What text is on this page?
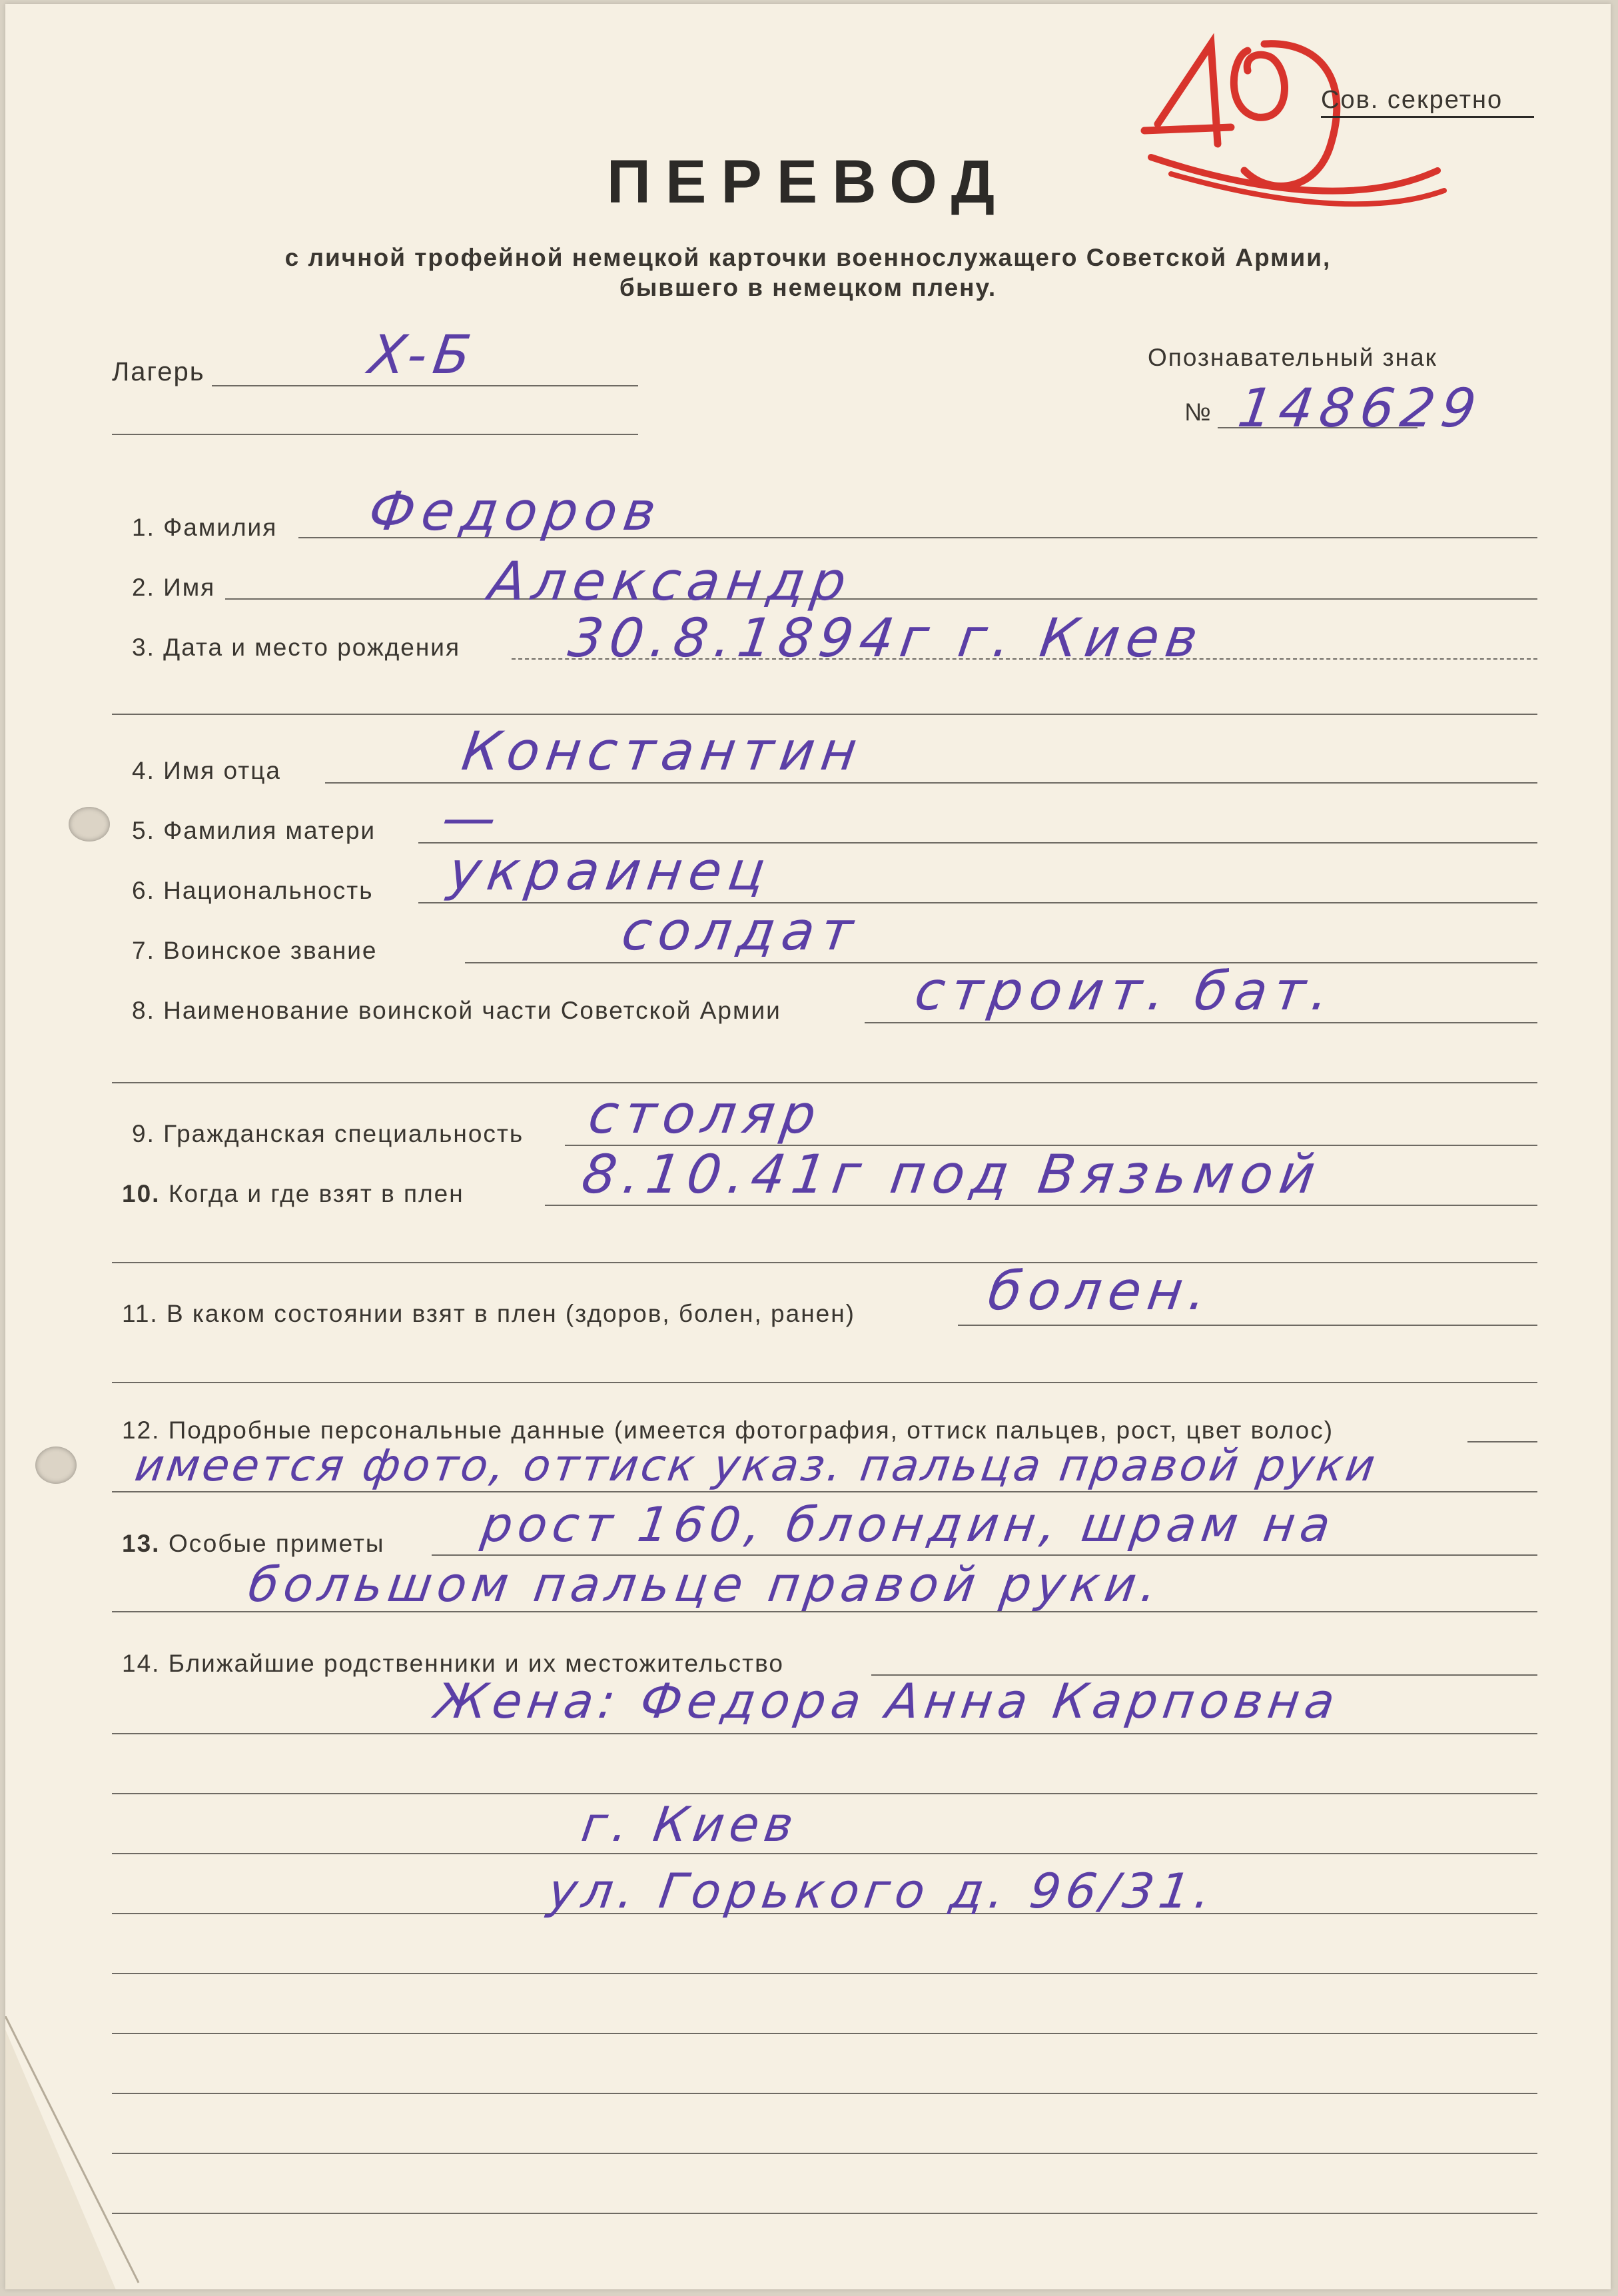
Сов. секретно
ПЕРЕВОД
с личной трофейной немецкой карточки военнослужащего Советской Армии,
бывшего в немецком плену.
Лагерь	X-Б	Опознавательный знак
№ 148629
1. Фамилия Федоров
2. Имя	Александр
3. Дата и место рождения 30.8.1894г г. Киев
4. Имя отца	Константин
5. Фамилия матери —
6. Национальность украинец
7. Воинское звание	солдат
8. Наименование воинской части Советской Армии строит. бат.
9. Гражданская специальность столяр
10. Когда и где взят в плен 8.10.41г под Вязьмой
11. В каком состоянии взят в плен (здоров, болен, ранен) болен.
12. Подробные персональные данные (имеется фотография, оттиск пальцев, рост, цвет волос)
имеется фото, оттиск указ. пальца правой руки
13. Особые приметы рост 160, блондин, шрам на
большом пальце правой руки.
14. Ближайшие родственники и их местожительство
Жена: Федора Анна Карповна
г. Киев
ул. Горького д. 96/31.
